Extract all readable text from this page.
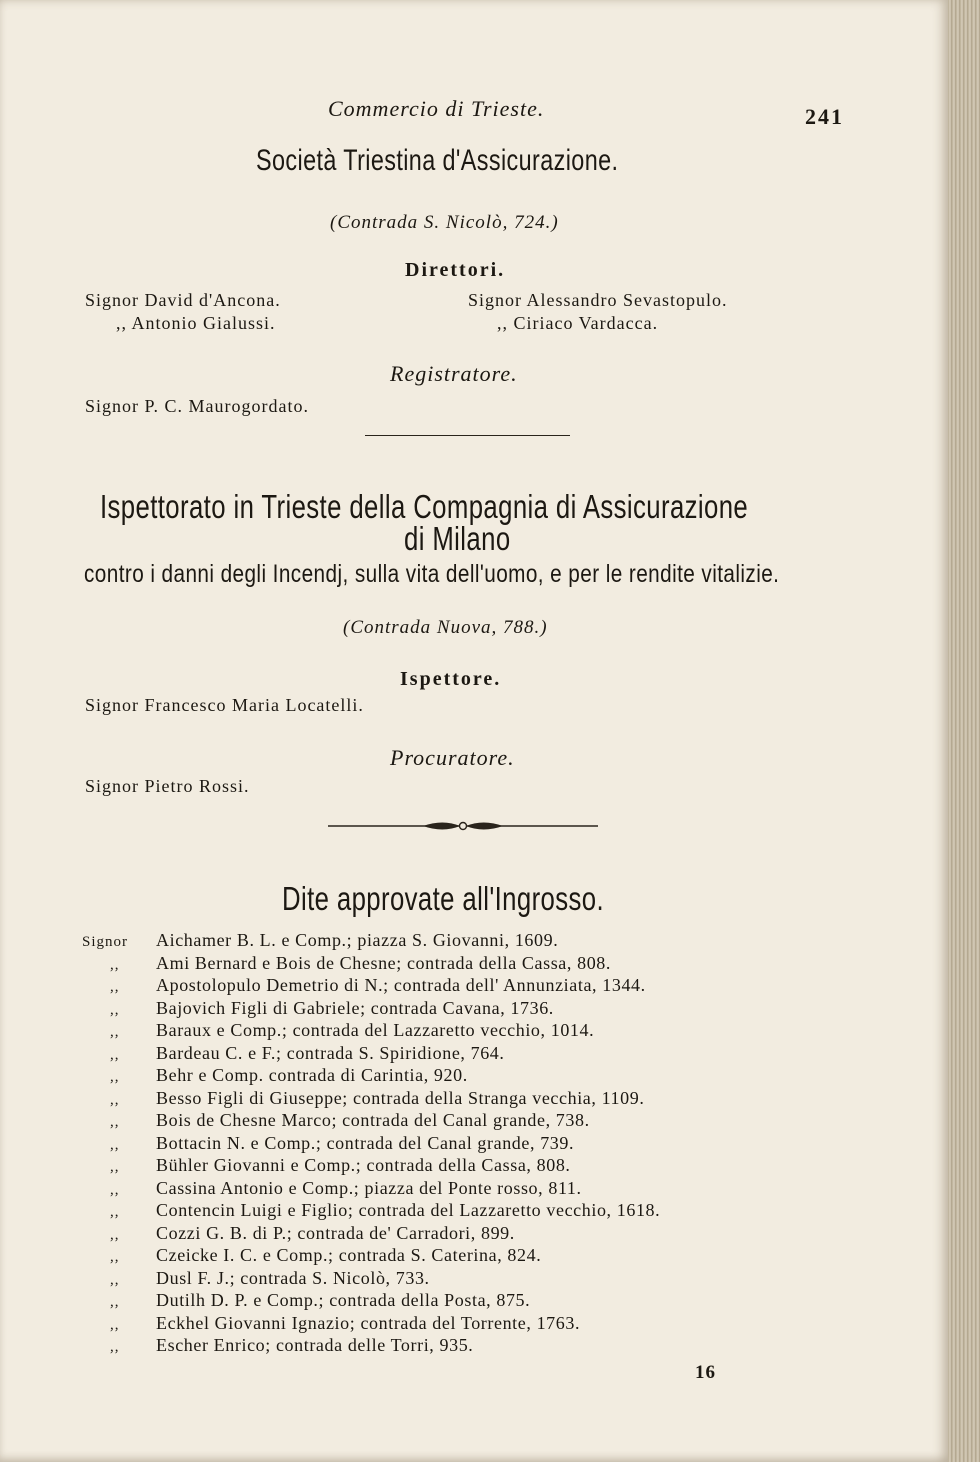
Commercio di Trieste.	241
Società Triestina d'Assicurazione.
(Contrada S. Nicolò, 724.)
Direttori.
Signor David d'Ancona.
,, Antonio Gialussi.
Signor Alessandro Sevastopulo.
,, Ciriaco Vardacca.
Registratore.
Signor P. C. Maurogordato.
Ispettorato in Trieste della Compagnia di Assicurazione
di Milano
contro i danni degli Incendj, sulla vita dell'uomo, e per le rendite vitalizie.
(Contrada Nuova, 788.)
Ispettore.
Signor Francesco Maria Locatelli.
Procuratore.
Signor Pietro Rossi.
Dite approvate all'Ingrosso.
Signor Aichamer B. L. e Comp.; piazza S. Giovanni, 1609.
,, Ami Bernard e Bois de Chesne; contrada della Cassa, 808.
,, Apostolopulo Demetrio di N.; contrada dell' Annunziata, 1344.
,, Bajovich Figli di Gabriele; contrada Cavana, 1736.
,, Baraux e Comp.; contrada del Lazzaretto vecchio, 1014.
,, Bardeau C. e F.; contrada S. Spiridione, 764.
,, Behr e Comp. contrada di Carintia, 920.
,, Besso Figli di Giuseppe; contrada della Stranga vecchia, 1109.
,, Bois de Chesne Marco; contrada del Canal grande, 738.
,, Bottacin N. e Comp.; contrada del Canal grande, 739.
,, Bühler Giovanni e Comp.; contrada della Cassa, 808.
,, Cassina Antonio e Comp.; piazza del Ponte rosso, 811.
,, Contencin Luigi e Figlio; contrada del Lazzaretto vecchio, 1618.
,, Cozzi G. B. di P.; contrada de' Carradori, 899.
,, Czeicke I. C. e Comp.; contrada S. Caterina, 824.
,, Dusl F. J.; contrada S. Nicolò, 733.
,, Dutilh D. P. e Comp.; contrada della Posta, 875.
,, Eckhel Giovanni Ignazio; contrada del Torrente, 1763.
,, Escher Enrico; contrada delle Torri, 935.
16
